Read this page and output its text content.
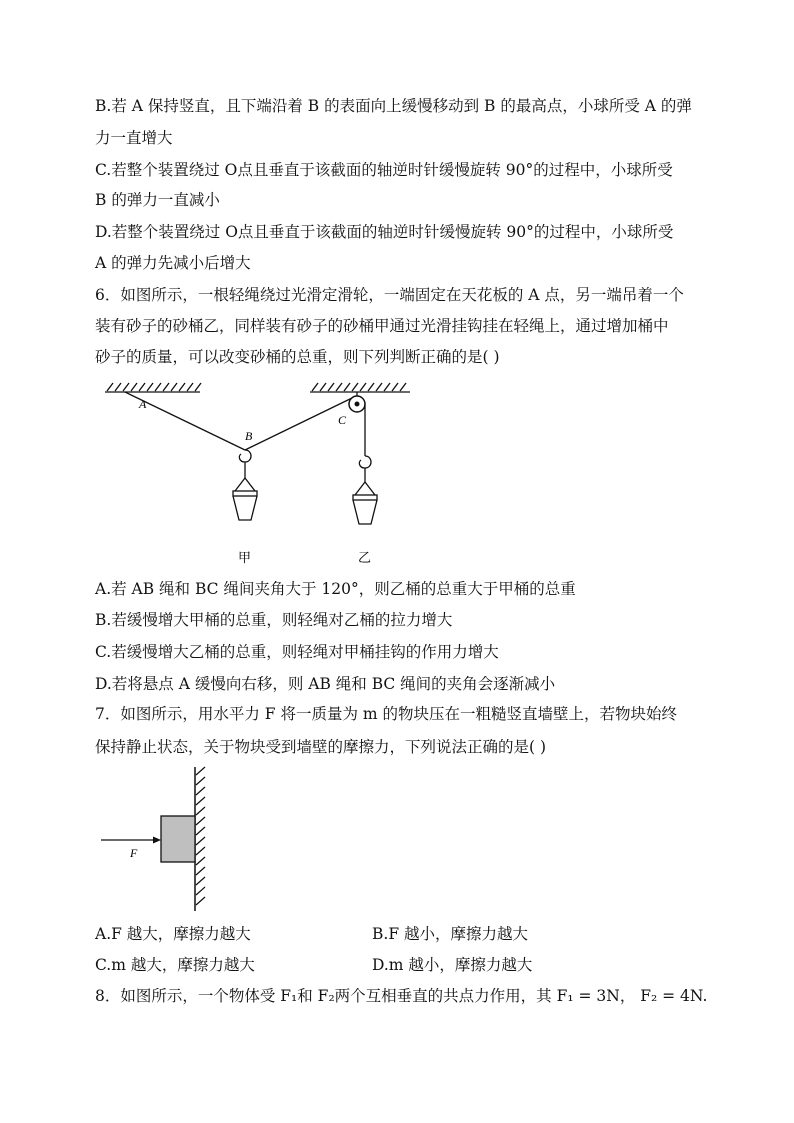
B.若 A 保持竖直，且下端沿着 B 的表面向上缓慢移动到 B 的最高点，小球所受 A 的弹
力一直增大
C.若整个装置绕过 O点且垂直于该截面的轴逆时针缓慢旋转 90°的过程中，小球所受
B 的弹力一直减小
D.若整个装置绕过 O点且垂直于该截面的轴逆时针缓慢旋转 90°的过程中，小球所受
A 的弹力先减小后增大
6．如图所示，一根轻绳绕过光滑定滑轮，一端固定在天花板的 A 点，另一端吊着一个
装有砂子的砂桶乙，同样装有砂子的砂桶甲通过光滑挂钩挂在轻绳上，通过增加桶中
砂子的质量，可以改变砂桶的总重，则下列判断正确的是( )
A
B
C
甲	乙
A.若 AB 绳和 BC 绳间夹角大于 120°，则乙桶的总重大于甲桶的总重
B.若缓慢增大甲桶的总重，则轻绳对乙桶的拉力增大
C.若缓慢增大乙桶的总重，则轻绳对甲桶挂钩的作用力增大
D.若将悬点 A 缓慢向右移，则 AB 绳和 BC 绳间的夹角会逐渐减小
7．如图所示，用水平力 F 将一质量为 m 的物块压在一粗糙竖直墙壁上，若物块始终
保持静止状态，关于物块受到墙壁的摩擦力，下列说法正确的是( )
F
A.F 越大，摩擦力越大	B.F 越小，摩擦力越大
C.m 越大，摩擦力越大	D.m 越小，摩擦力越大
8．如图所示，一个物体受 F₁和 F₂两个互相垂直的共点力作用，其 F₁ = 3N， F₂ = 4N.
